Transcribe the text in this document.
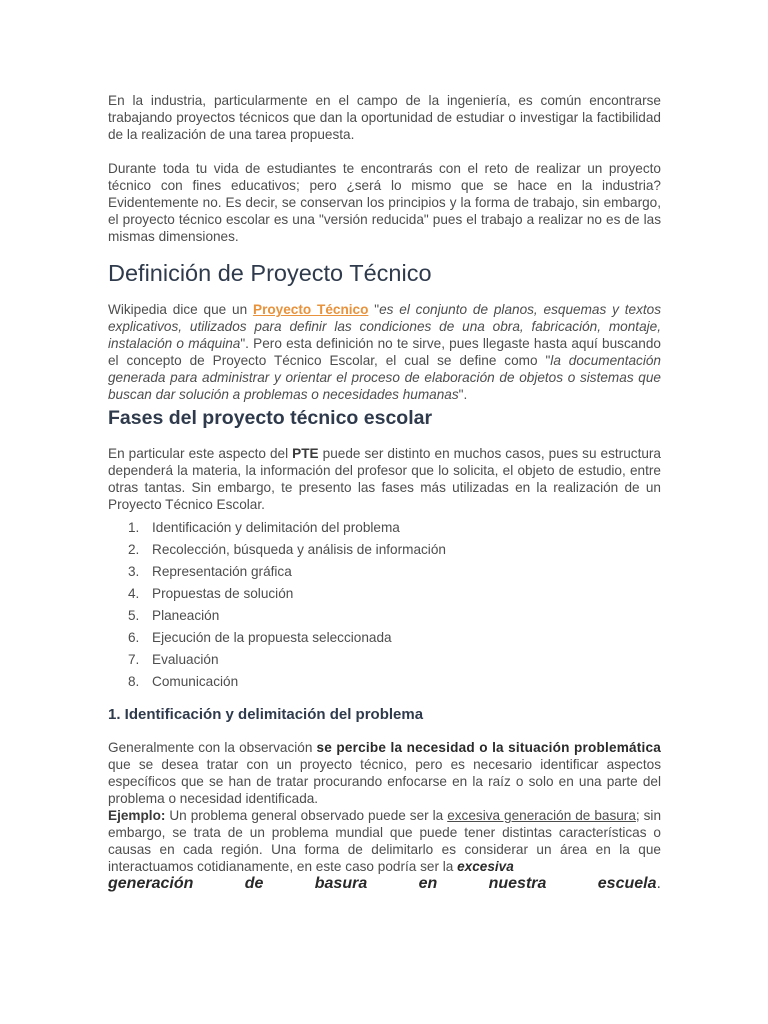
En la industria, particularmente en el campo de la ingeniería, es común encontrarse trabajando proyectos técnicos que dan la oportunidad de estudiar o investigar la factibilidad de la realización de una tarea propuesta.

Durante toda tu vida de estudiantes te encontrarás con el reto de realizar un proyecto técnico con fines educativos; pero ¿será lo mismo que se hace en la industria? Evidentemente no. Es decir, se conservan los principios y la forma de trabajo, sin embargo, el proyecto técnico escolar es una "versión reducida" pues el trabajo a realizar no es de las mismas dimensiones.

Definición de Proyecto Técnico

Wikipedia dice que un Proyecto Técnico "es el conjunto de planos, esquemas y textos explicativos, utilizados para definir las condiciones de una obra, fabricación, montaje, instalación o máquina". Pero esta definición no te sirve, pues llegaste hasta aquí buscando el concepto de Proyecto Técnico Escolar, el cual se define como "la documentación generada para administrar y orientar el proceso de elaboración de objetos o sistemas que buscan dar solución a problemas o necesidades humanas".

Fases del proyecto técnico escolar

En particular este aspecto del PTE puede ser distinto en muchos casos, pues su estructura dependerá la materia, la información del profesor que lo solicita, el objeto de estudio, entre otras tantas. Sin embargo, te presento las fases más utilizadas en la realización de un Proyecto Técnico Escolar.

1. Identificación y delimitación del problema
2. Recolección, búsqueda y análisis de información
3. Representación gráfica
4. Propuestas de solución
5. Planeación
6. Ejecución de la propuesta seleccionada
7. Evaluación
8. Comunicación
1. Identificación y delimitación del problema

Generalmente con la observación se percibe la necesidad o la situación problemática que se desea tratar con un proyecto técnico, pero es necesario identificar aspectos específicos que se han de tratar procurando enfocarse en la raíz o solo en una parte del problema o necesidad identificada.

Ejemplo: Un problema general observado puede ser la excesiva generación de basura; sin embargo, se trata de un problema mundial que puede tener distintas características o causas en cada región. Una forma de delimitarlo es considerar un área en la que interactuamos cotidianamente, en este caso podría ser la excesiva

generación	de	basura	en	nuestra	escuela.
